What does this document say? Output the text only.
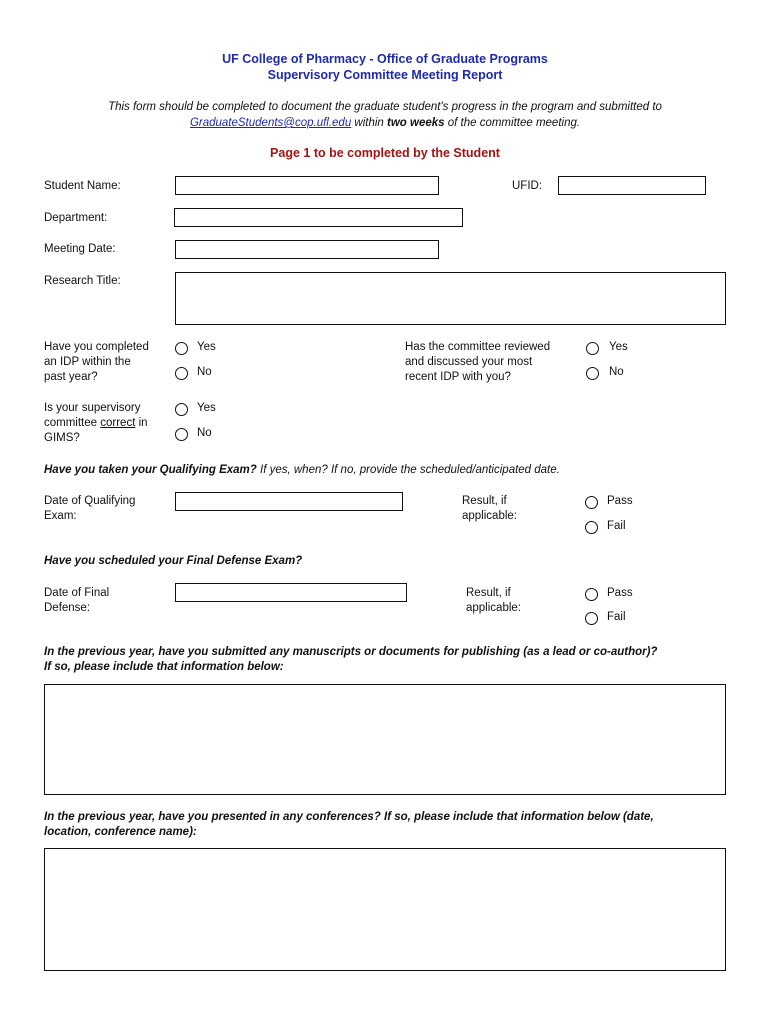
UF College of Pharmacy - Office of Graduate Programs
Supervisory Committee Meeting Report
This form should be completed to document the graduate student's progress in the program and submitted to
GraduateStudents@cop.ufl.edu within two weeks of the committee meeting.
Page 1 to be completed by the Student
Student Name:	UFID:
Department:
Meeting Date:
Research Title:
Have you completed
an IDP within the
past year?
Yes
No
Has the committee reviewed
and discussed your most
recent IDP with you?
Yes
No
Is your supervisory
committee correct in
GIMS?
Yes
No
Have you taken your Qualifying Exam? If yes, when? If no, provide the scheduled/anticipated date.
Date of Qualifying
Exam:
Result, if
applicable:
Pass
Fail
Have you scheduled your Final Defense Exam?
Date of Final
Defense:
Result, if
applicable:
Pass
Fail
In the previous year, have you submitted any manuscripts or documents for publishing (as a lead or co-author)?
If so, please include that information below:
In the previous year, have you presented in any conferences? If so, please include that information below (date,
location, conference name):
